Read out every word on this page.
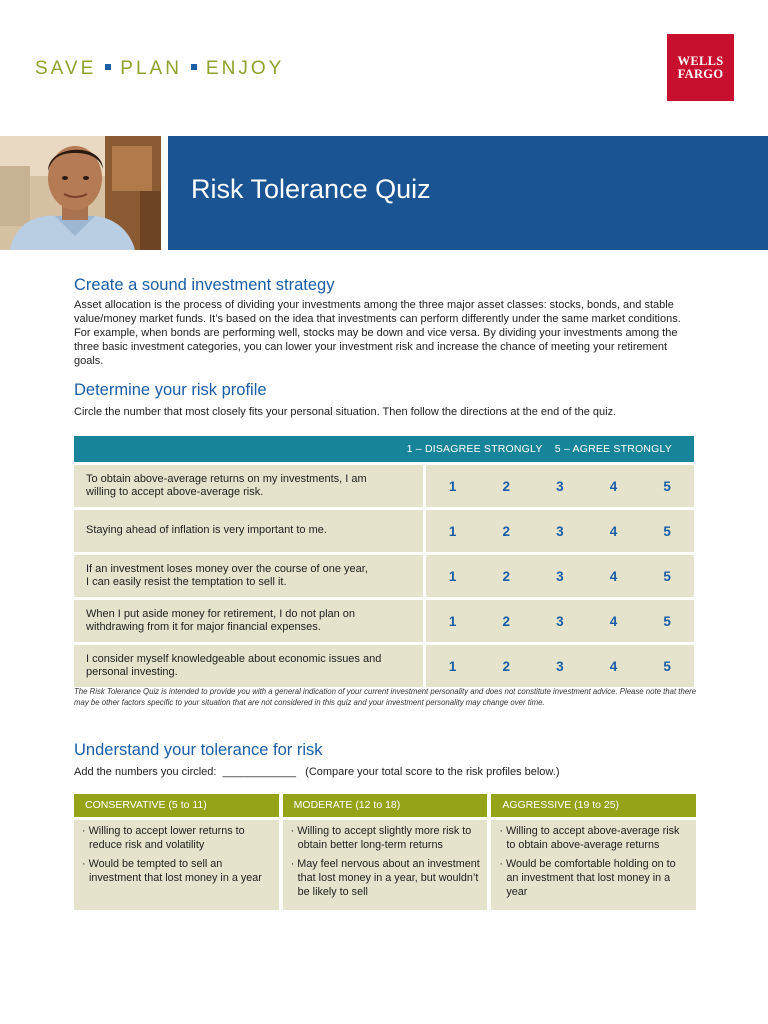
SAVE PLAN ENJOY	WELLS
FARGO
Risk Tolerance Quiz
Create a sound investment strategy

Asset allocation is the process of dividing your investments among the three major asset classes: stocks, bonds, and stable value/money market funds. It’s based on the idea that investments can perform differently under the same market conditions. For example, when bonds are performing well, stocks may be down and vice versa. By dividing your investments among the three basic investment categories, you can lower your investment risk and increase the chance of meeting your retirement goals.

Determine your risk profile

Circle the number that most closely fits your personal situation. Then follow the directions at the end of the quiz.

1 – DISAGREE STRONGLY    5 – AGREE STRONGLY					
To obtain above-average returns on my investments, I am
willing to accept above-average risk.	1	2	3	4	5
Staying ahead of inflation is very important to me.	1	2	3	4	5
If an investment loses money over the course of one year,
I can easily resist the temptation to sell it.	1	2	3	4	5
When I put aside money for retirement, I do not plan on
withdrawing from it for major financial expenses.	1	2	3	4	5
I consider myself knowledgeable about economic issues and
personal investing.	1	2	3	4	5

The Risk Tolerance Quiz is intended to provide you with a general indication of your current investment personality and does not constitute investment advice. Please note that there may be other factors specific to your situation that are not considered in this quiz and your investment personality may change over time.

Understand your tolerance for risk

Add the numbers you circled:  ____________   (Compare your total score to the risk profiles below.)

CONSERVATIVE (5 to 11)
· Willing to accept lower returns to reduce risk and volatility
· Would be tempted to sell an investment that lost money in a year
MODERATE (12 to 18)
· Willing to accept slightly more risk to obtain better long-term returns
· May feel nervous about an investment that lost money in a year, but wouldn’t be likely to sell
AGGRESSIVE (19 to 25)
· Willing to accept above-average risk to obtain above-average returns
· Would be comfortable holding on to an investment that lost money in a year
